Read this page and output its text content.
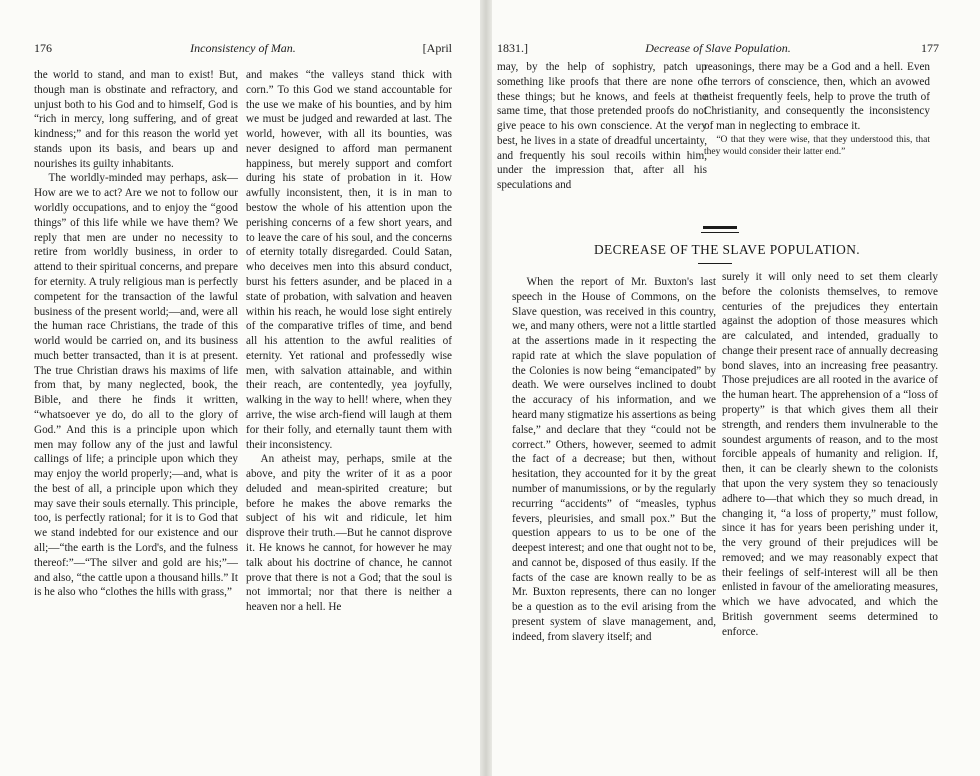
176	Inconsistency of Man.	[April

the world to stand, and man to exist! But, though man is obstinate and refractory, and unjust both to his God and to himself, God is “rich in mercy, long suffering, and of great kindness;” and for this reason the world yet stands upon its basis, and bears up and nourishes its guilty inhabitants.

The worldly-minded may perhaps, ask—How are we to act? Are we not to follow our worldly occupations, and to enjoy the “good things” of this life while we have them? We reply that men are under no necessity to retire from worldly business, in order to attend to their spiritual concerns, and prepare for eternity. A truly religious man is perfectly competent for the transaction of the lawful business of the present world;—and, were all the human race Christians, the trade of this world would be carried on, and its business much better transacted, than it is at present. The true Christian draws his maxims of life from that, by many neglected, book, the Bible, and there he finds it written, “whatsoever ye do, do all to the glory of God.” And this is a principle upon which men may follow any of the just and lawful callings of life; a principle upon which they may enjoy the world properly;—and, what is the best of all, a principle upon which they may save their souls eternally. This principle, too, is perfectly rational; for it is to God that we stand indebted for our existence and our all;—“the earth is the Lord's, and the fulness thereof:”—“The silver and gold are his;”—and also, “the cattle upon a thousand hills.” It is he also who “clothes the hills with grass,”

and makes “the valleys stand thick with corn.” To this God we stand accountable for the use we make of his bounties, and by him we must be judged and rewarded at last. The world, however, with all its bounties, was never designed to afford man permanent happiness, but merely support and comfort during his state of probation in it. How awfully inconsistent, then, it is in man to bestow the whole of his attention upon the perishing concerns of a few short years, and to leave the care of his soul, and the concerns of eternity totally disregarded. Could Satan, who deceives men into this absurd conduct, burst his fetters asunder, and be placed in a state of probation, with salvation and heaven within his reach, he would lose sight entirely of the comparative trifles of time, and bend all his attention to the awful realities of eternity. Yet rational and professedly wise men, with salvation attainable, and within their reach, are contentedly, yea joyfully, walking in the way to hell! where, when they arrive, the wise arch-fiend will laugh at them for their folly, and eternally taunt them with their inconsistency.

An atheist may, perhaps, smile at the above, and pity the writer of it as a poor deluded and mean-spirited creature; but before he makes the above remarks the subject of his wit and ridicule, let him disprove their truth.—But he cannot disprove it. He knows he cannot, for however he may talk about his doctrine of chance, he cannot prove that there is not a God; that the soul is not immortal; nor that there is neither a heaven nor a hell. He

1831.]	Decrease of Slave Population.	177

may, by the help of sophistry, patch up something like proofs that there are none of these things; but he knows, and feels at the same time, that those pretended proofs do not give peace to his own conscience. At the very best, he lives in a state of dreadful uncertainty, and frequently his soul recoils within him, under the impression that, after all his speculations and

reasonings, there may be a God and a hell. Even the terrors of conscience, then, which an avowed atheist frequently feels, help to prove the truth of Christianity, and consequently the inconsistency of man in neglecting to embrace it.

“O that they were wise, that they understood this, that they would consider their latter end.”

DECREASE OF THE SLAVE POPULATION.

When the report of Mr. Buxton's last speech in the House of Commons, on the Slave question, was received in this country, we, and many others, were not a little startled at the assertions made in it respecting the rapid rate at which the slave population of the Colonies is now being “emancipated” by death. We were ourselves inclined to doubt the accuracy of his information, and we heard many stigmatize his assertions as being false,” and declare that they “could not be correct.” Others, however, seemed to admit the fact of a decrease; but then, without hesitation, they accounted for it by the great number of manumissions, or by the regularly recurring “accidents” of “measles, typhus fevers, pleurisies, and small pox.” But the question appears to us to be one of the deepest interest; and one that ought not to be, and cannot be, disposed of thus easily. If the facts of the case are known really to be as Mr. Buxton represents, there can no longer be a question as to the evil arising from the present system of slave management, and, indeed, from slavery itself; and

surely it will only need to set them clearly before the colonists themselves, to remove centuries of the prejudices they entertain against the adoption of those measures which are calculated, and intended, gradually to change their present race of annually decreasing bond slaves, into an increasing free peasantry. Those prejudices are all rooted in the avarice of the human heart. The apprehension of a “loss of property” is that which gives them all their strength, and renders them invulnerable to the soundest arguments of reason, and to the most forcible appeals of humanity and religion. If, then, it can be clearly shewn to the colonists that upon the very system they so tenaciously adhere to—that which they so much dread, in changing it, “a loss of property,” must follow, since it has for years been perishing under it, the very ground of their prejudices will be removed; and we may reasonably expect that their feelings of self-interest will all be then enlisted in favour of the ameliorating measures, which we have advocated, and which the British government seems determined to enforce.
